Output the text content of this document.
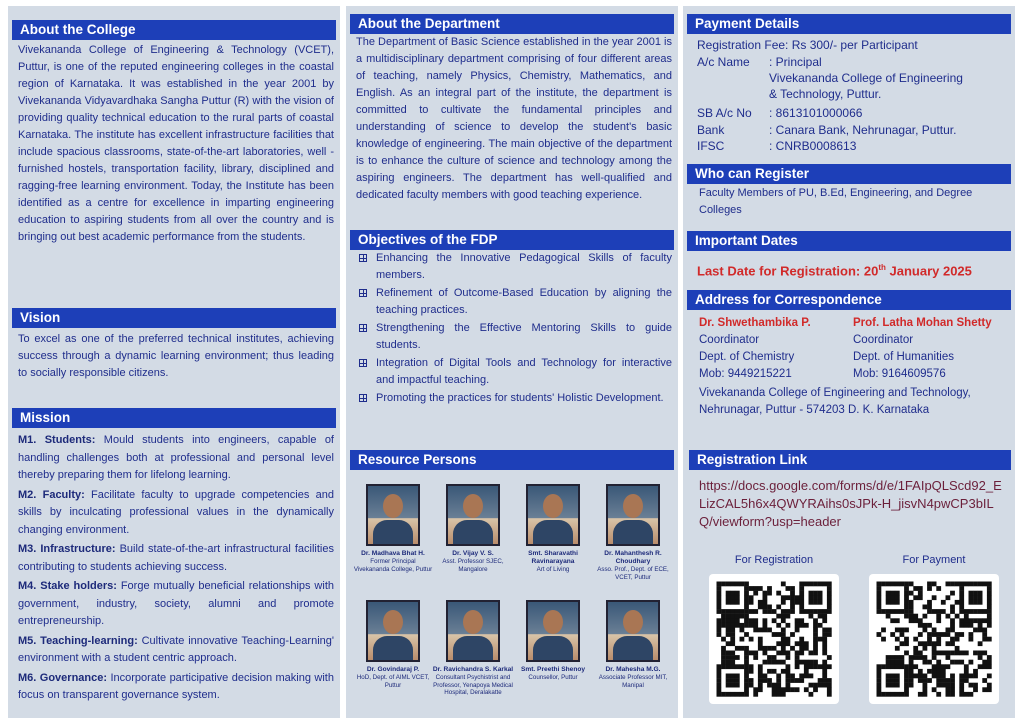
About the College
Vivekananda College of Engineering & Technology (VCET), Puttur, is one of the reputed engineering colleges in the coastal region of Karnataka. It was established in the year 2001 by Vivekananda Vidyavardhaka Sangha Puttur (R) with the vision of providing quality technical education to the rural parts of coastal Karnataka. The institute has excellent infrastructure facilities that include spacious classrooms, state-of-the-art laboratories, well -furnished hostels, transportation facility, library, disciplined and ragging-free learning environment. Today, the Institute has been identified as a centre for excellence in imparting engineering education to aspiring students from all over the country and is bringing out best academic performance from the students.
Vision
To excel as one of the preferred technical institutes, achieving success through a dynamic learning environment; thus leading to socially responsible citizens.
Mission

M1. Students: Mould students into engineers, capable of handling challenges both at professional and personal level thereby preparing them for lifelong learning.

M2. Faculty: Facilitate faculty to upgrade competencies and skills by inculcating professional values in the dynamically changing environment.

M3. Infrastructure: Build state-of-the-art infrastructural facilities contributing to students achieving success.

M4. Stake holders: Forge mutually beneficial relationships with government, industry, society, alumni and promote entrepreneurship.

M5. Teaching-learning: Cultivate innovative Teaching-Learning' environment with a student centric approach.

M6. Governance: Incorporate participative decision making with focus on transparent governance system.

About the Department
The Department of Basic Science established in the year 2001 is a multidisciplinary department comprising of four different areas of teaching, namely Physics, Chemistry, Mathematics, and English. As an integral part of the institute, the department is committed to cultivate the fundamental principles and understanding of science to develop the student's basic knowledge of engineering. The main objective of the department is to enhance the culture of science and technology among the aspiring engineers. The department has well-qualified and dedicated faculty members with good teaching experience.
Objectives of the FDP
Enhancing the Innovative Pedagogical Skills of faculty members.
Refinement of Outcome-Based Education by aligning the teaching practices.
Strengthening the Effective Mentoring Skills to guide students.
Integration of Digital Tools and Technology for interactive and impactful teaching.
Promoting the practices for students' Holistic Development.
Resource Persons
Dr. Madhava Bhat H.
Former Principal Vivekananda College, Puttur
Dr. Vijay V. S.
Asst. Professor SJEC, Mangalore
Smt. Sharavathi Ravinarayana
Art of Living
Dr. Mahanthesh R. Choudhary
Asso. Prof., Dept. of ECE, VCET, Puttur
Dr. Govindaraj P.
HoD, Dept. of AIML VCET, Puttur
Dr. Ravichandra S. Karkal
Consultant Psychistrist and Professor, Yenapoya Medical Hospital, Deralakatte
Smt. Preethi Shenoy
Counsellor, Puttur
Dr. Mahesha M.G.
Associate Professor MIT, Manipal
Payment Details
Registration Fee: Rs 300/- per Participant
A/c Name : Principal
Vivekananda College of Engineering
& Technology, Puttur.
SB A/c No : 8613101000066
Bank	: Canara Bank, Nehrunagar, Puttur.
IFSC	: CNRB0008613
Who can Register
Faculty Members of PU, B.Ed, Engineering, and Degree Colleges
Important Dates
Last Date for Registration: 20th January 2025
Address for Correspondence
Dr. Shwethambika P.
Coordinator
Dept. of Chemistry
Mob: 9449215221
Prof. Latha Mohan Shetty
Coordinator
Dept. of Humanities
Mob: 9164609576
Vivekananda College of Engineering and Technology, Nehrunagar, Puttur - 574203 D. K. Karnataka
Registration Link
https://docs.google.com/forms/d/e/1FAIpQLScd92_ELizCAL5h6x4QWYRAihs0sJPk-H_jisvN4pwCP3bILQ/viewform?usp=header
For Registration	For Payment
